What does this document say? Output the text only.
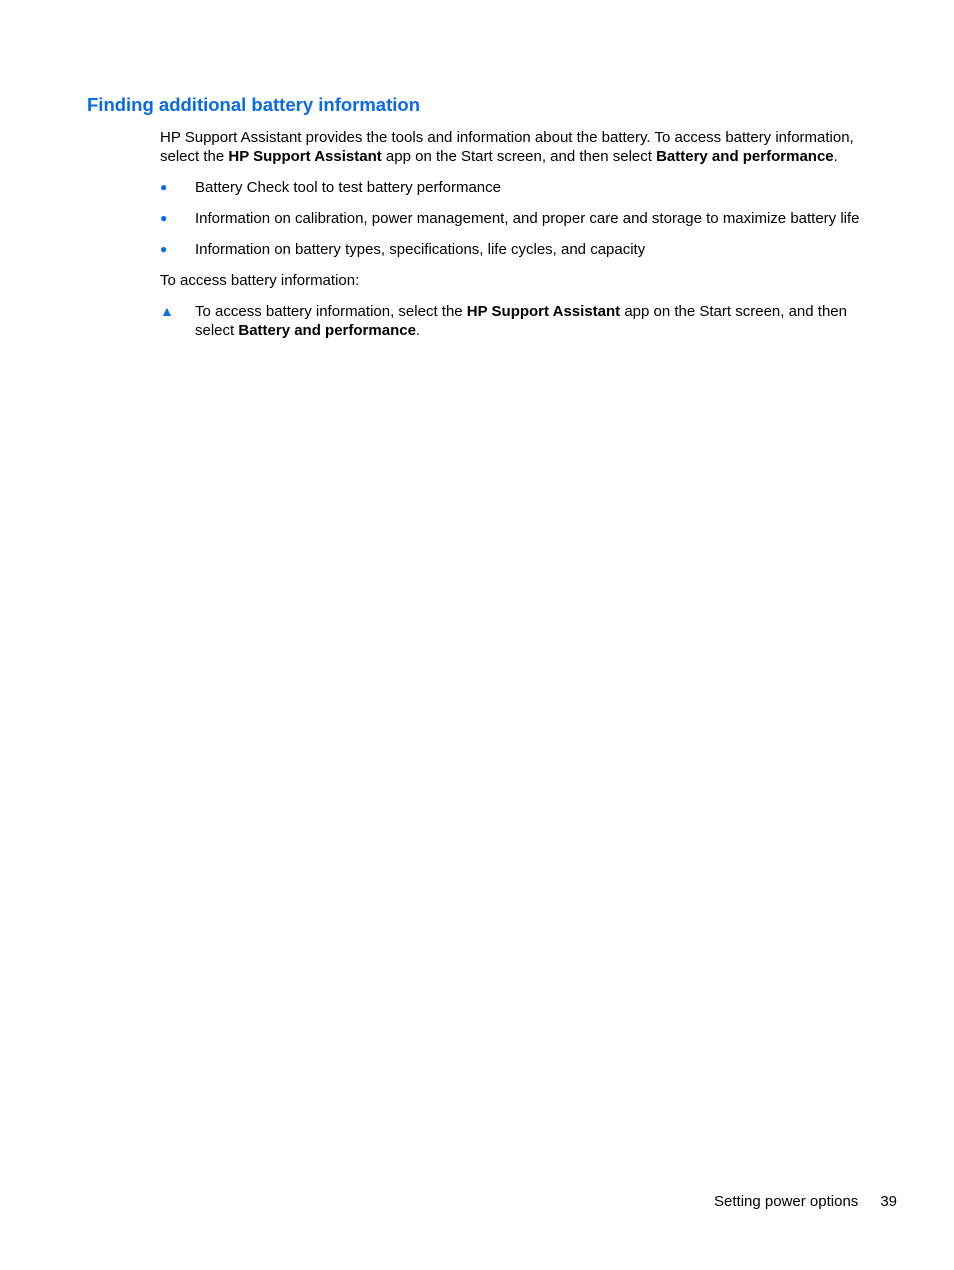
Finding additional battery information

HP Support Assistant provides the tools and information about the battery. To access battery information, select the HP Support Assistant app on the Start screen, and then select Battery and performance.

●	Battery Check tool to test battery performance
●	Information on calibration, power management, and proper care and storage to maximize battery life
●	Information on battery types, specifications, life cycles, and capacity

To access battery information:

▲ To access battery information, select the HP Support Assistant app on the Start screen, and then select Battery and performance.

Setting power options 39
